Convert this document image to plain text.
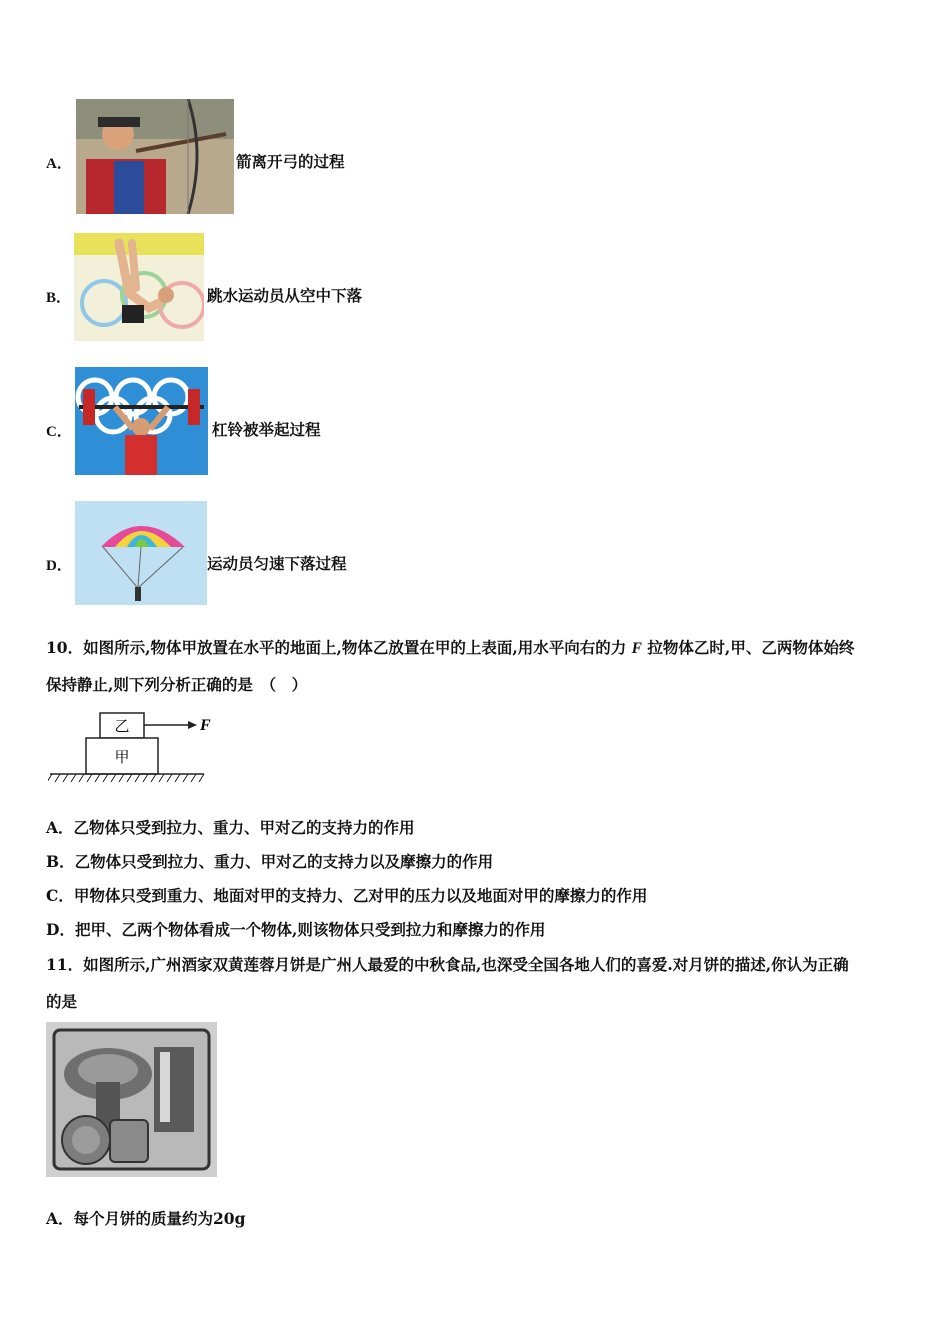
A．	箭离开弓的过程
B．	跳水运动员从空中下落
C．	杠铃被举起过程
D．	运动员匀速下落过程
10．如图所示,物体甲放置在水平的地面上,物体乙放置在甲的上表面,用水平向右的力 F 拉物体乙时,甲、乙两物体始终
保持静止,则下列分析正确的是　（　）
乙
甲
F
A．乙物体只受到拉力、重力、甲对乙的支持力的作用
B．乙物体只受到拉力、重力、甲对乙的支持力以及摩擦力的作用
C．甲物体只受到重力、地面对甲的支持力、乙对甲的压力以及地面对甲的摩擦力的作用
D．把甲、乙两个物体看成一个物体,则该物体只受到拉力和摩擦力的作用
11．如图所示,广州酒家双黄莲蓉月饼是广州人最爱的中秋食品,也深受全国各地人们的喜爱.对月饼的描述,你认为正确
的是
A．每个月饼的质量约为20g
